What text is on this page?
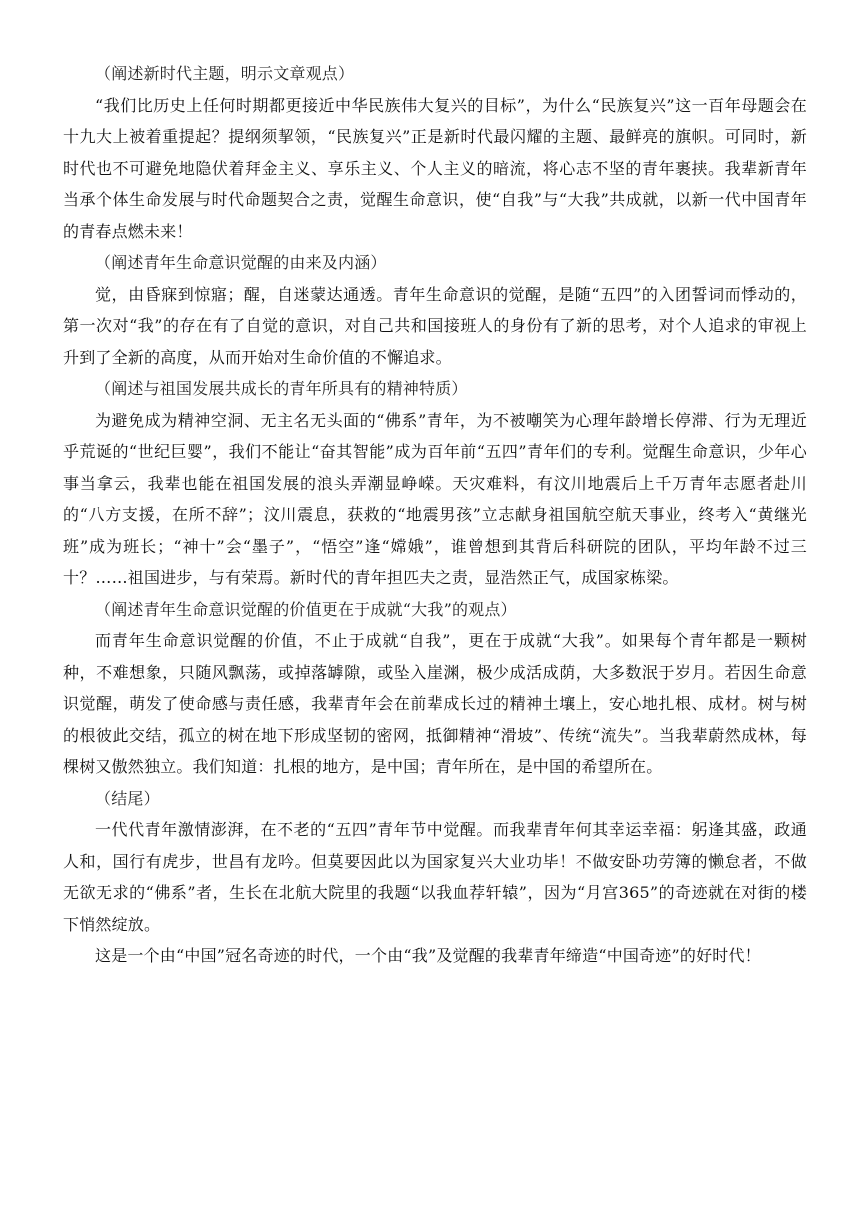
（阐述新时代主题，明示文章观点）

“我们比历史上任何时期都更接近中华民族伟大复兴的目标”，为什么“民族复兴”这一百年母题会在十九大上被着重提起？提纲须挈领，“民族复兴”正是新时代最闪耀的主题、最鲜亮的旗帜。可同时，新时代也不可避免地隐伏着拜金主义、享乐主义、个人主义的暗流，将心志不坚的青年裹挟。我辈新青年当承个体生命发展与时代命题契合之责，觉醒生命意识，使“自我”与“大我”共成就，以新一代中国青年的青春点燃未来！

（阐述青年生命意识觉醒的由来及内涵）

觉，由昏寐到惊寤；醒，自迷蒙达通透。青年生命意识的觉醒，是随“五四”的入团誓词而悸动的，第一次对“我”的存在有了自觉的意识，对自己共和国接班人的身份有了新的思考，对个人追求的审视上升到了全新的高度，从而开始对生命价值的不懈追求。

（阐述与祖国发展共成长的青年所具有的精神特质）

为避免成为精神空洞、无主名无头面的“佛系”青年，为不被嘲笑为心理年龄增长停滞、行为无理近乎荒诞的“世纪巨婴”，我们不能让“奋其智能”成为百年前“五四”青年们的专利。觉醒生命意识，少年心事当拿云，我辈也能在祖国发展的浪头弄潮显峥嵘。天灾难料，有汶川地震后上千万青年志愿者赴川的“八方支援，在所不辞”；汶川震息，获救的“地震男孩”立志献身祖国航空航天事业，终考入“黄继光班”成为班长；“神十”会“墨子”，“悟空”逢“嫦娥”，谁曾想到其背后科研院的团队，平均年龄不过三十？……祖国进步，与有荣焉。新时代的青年担匹夫之责，显浩然正气，成国家栋梁。

（阐述青年生命意识觉醒的价值更在于成就“大我”的观点）

而青年生命意识觉醒的价值，不止于成就“自我”，更在于成就“大我”。如果每个青年都是一颗树种，不难想象，只随风飘荡，或掉落罅隙，或坠入崖渊，极少成活成荫，大多数泯于岁月。若因生命意识觉醒，萌发了使命感与责任感，我辈青年会在前辈成长过的精神土壤上，安心地扎根、成材。树与树的根彼此交结，孤立的树在地下形成坚韧的密网，抵御精神“滑坡”、传统“流失”。当我辈蔚然成林，每棵树又傲然独立。我们知道：扎根的地方，是中国；青年所在，是中国的希望所在。

（结尾）

一代代青年激情澎湃，在不老的“五四”青年节中觉醒。而我辈青年何其幸运幸福：躬逢其盛，政通人和，国行有虎步，世昌有龙吟。但莫要因此以为国家复兴大业功毕！不做安卧功劳簿的懒怠者，不做无欲无求的“佛系”者，生长在北航大院里的我题“以我血荐轩辕”，因为“月宫365”的奇迹就在对街的楼下悄然绽放。

这是一个由“中国”冠名奇迹的时代，一个由“我”及觉醒的我辈青年缔造“中国奇迹”的好时代！
